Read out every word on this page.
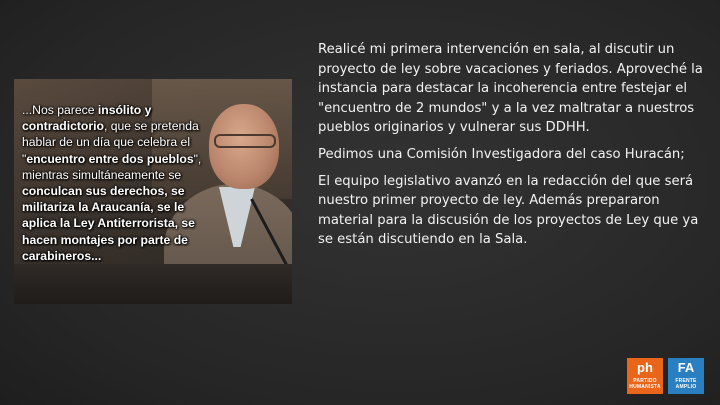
...Nos parece insólito y contradictorio, que se pretenda hablar de un día que celebra el "encuentro entre dos pueblos", mientras simultáneamente se conculcan sus derechos, se militariza la Araucanía, se le aplica la Ley Antiterrorista, se hacen montajes por parte de carabineros...

Realicé mi primera intervención en sala, al discutir un proyecto de ley sobre vacaciones y feriados. Aproveché la instancia para destacar la incoherencia entre festejar el "encuentro de 2 mundos" y a la vez maltratar a nuestros pueblos originarios y vulnerar sus DDHH.

Pedimos una Comisión Investigadora del caso Huracán;

El equipo legislativo avanzó en la redacción del que será nuestro primer proyecto de ley. Además prepararon material para la discusión de los proyectos de Ley que ya se están discutiendo en la Sala.

ph
PARTIDO
HUMANISTA
FA
FRENTE
AMPLIO
